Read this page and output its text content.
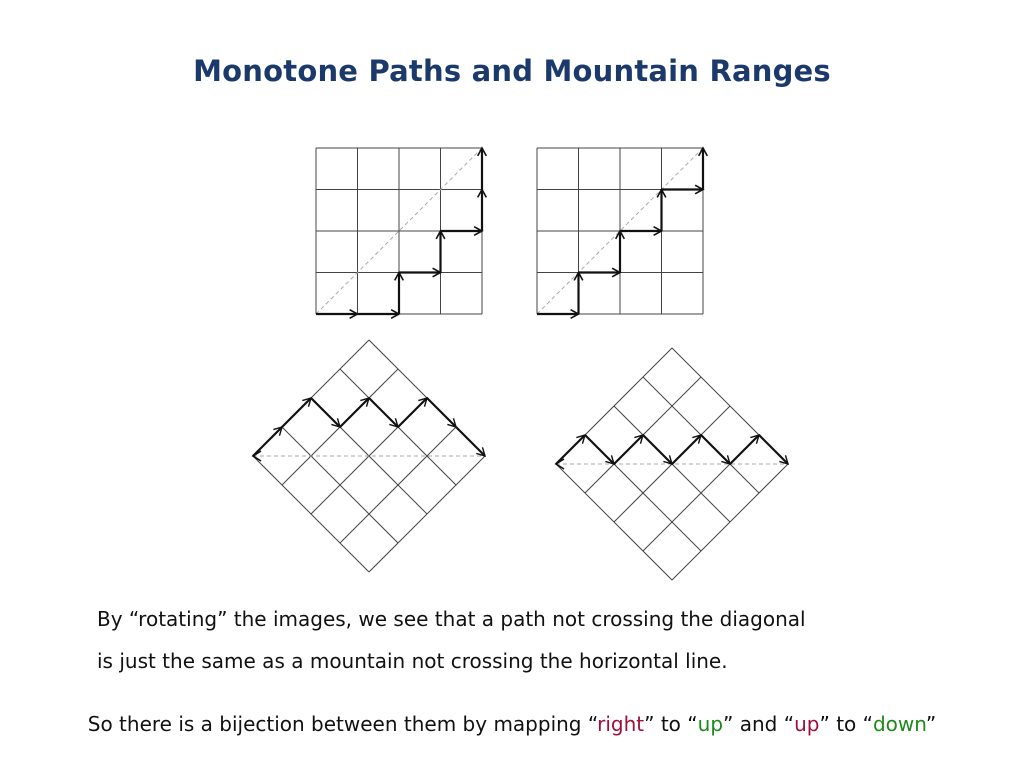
Monotone Paths and Mountain Ranges
By “rotating” the images, we see that a path not crossing the diagonal
is just the same as a mountain not crossing the horizontal line.
So there is a bijection between them by mapping “right” to “up” and “up” to “down”
